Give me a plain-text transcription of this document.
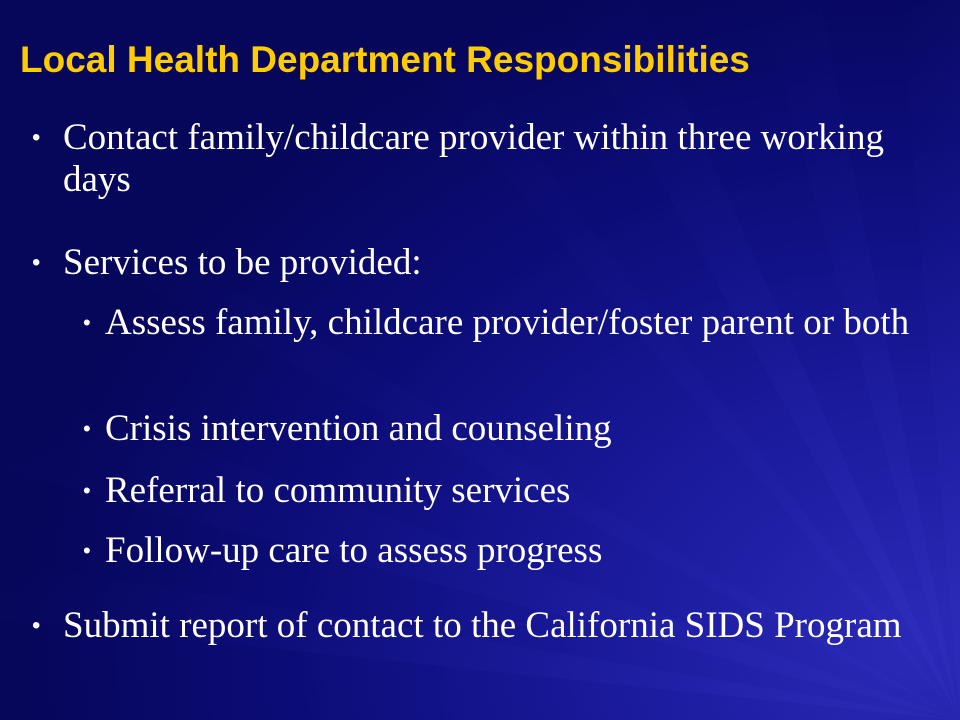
Local Health Department Responsibilities
• Contact family/childcare provider within three working days
• Services to be provided:
• Assess family, childcare provider/foster parent or both
• Crisis intervention and counseling
• Referral to community services
• Follow-up care to assess progress
• Submit report of contact to the California SIDS Program
